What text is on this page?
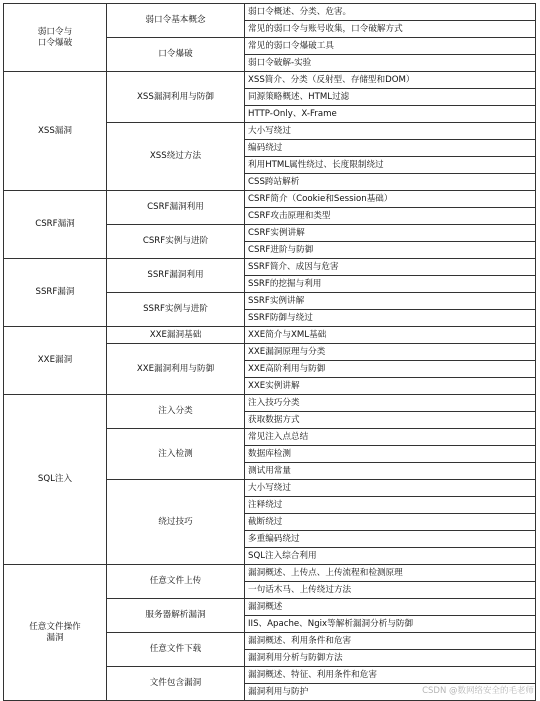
弱口令与
口令爆破	弱口令基本概念	弱口令概述、分类、危害。
		常见的弱口令与账号收集，口令破解方式
	口令爆破	常见的弱口令爆破工具
		弱口令破解-实验
XSS漏洞	XSS漏洞利用与防御	XSS简介、分类（反射型、存储型和DOM）
		同源策略概述、HTML过滤
		HTTP-Only、X-Frame
	XSS绕过方法	大小写绕过
		编码绕过
		利用HTML属性绕过、长度限制绕过
		CSS跨站解析
CSRF漏洞	CSRF漏洞利用	CSRF简介（Cookie和Session基础）
		CSRF攻击原理和类型
	CSRF实例与进阶	CSRF实例讲解
		CSRF进阶与防御
SSRF漏洞	SSRF漏洞利用	SSRF简介、成因与危害
		SSRF的挖掘与利用
	SSRF实例与进阶	SSRF实例讲解
		SSRF防御与绕过
XXE漏洞	XXE漏洞基础	XXE简介与XML基础
	XXE漏洞利用与防御	XXE漏洞原理与分类
		XXE高阶利用与防御
		XXE实例讲解
SQL注入	注入分类	注入技巧分类
		获取数据方式
	注入检测	常见注入点总结
		数据库检测
		测试用常量
	绕过技巧	大小写绕过
		注释绕过
		截断绕过
		多重编码绕过
		SQL注入综合利用
任意文件操作
漏洞	任意文件上传	漏洞概述、上传点、上传流程和检测原理
		一句话木马、上传绕过方法
	服务器解析漏洞	漏洞概述
		IIS、Apache、Ngix等解析漏洞分析与防御
	任意文件下载	漏洞概述、利用条件和危害
		漏洞利用分析与防御方法
	文件包含漏洞	漏洞概述、特征、利用条件和危害
		漏洞利用与防护	CSDN @数网络安全的毛老师
